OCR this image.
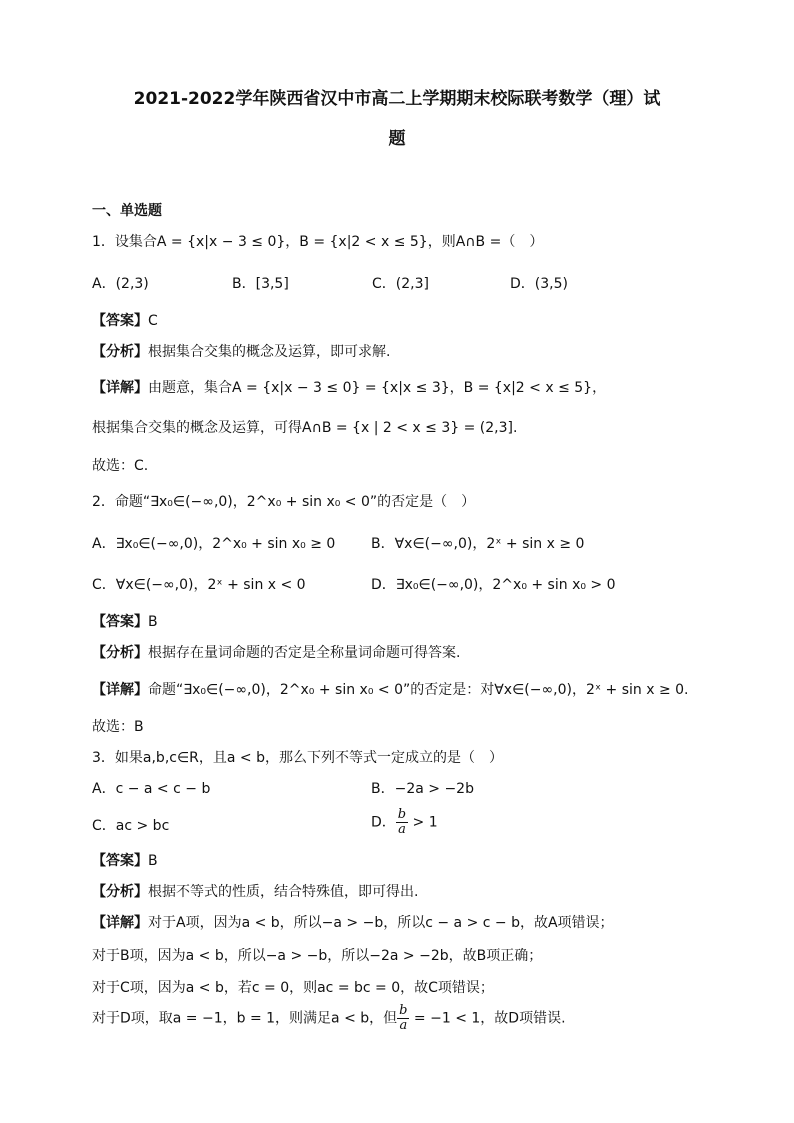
2021-2022学年陕西省汉中市高二上学期期末校际联考数学（理）试
题
一、单选题
1．设集合A = {x|x − 3 ≤ 0}，B = {x|2 < x ≤ 5}，则A∩B =（　）
A．(2,3)	B．[3,5]	C．(2,3]	D．(3,5)
【答案】C
【分析】根据集合交集的概念及运算，即可求解.
【详解】由题意，集合A = {x|x − 3 ≤ 0} = {x|x ≤ 3}，B = {x|2 < x ≤ 5}，
根据集合交集的概念及运算，可得A∩B = {x | 2 < x ≤ 3} = (2,3].
故选：C.
2．命题“∃x₀∈(−∞,0)，2^x₀ + sin x₀ < 0”的否定是（　）
A．∃x₀∈(−∞,0)，2^x₀ + sin x₀ ≥ 0	B．∀x∈(−∞,0)，2ˣ + sin x ≥ 0
C．∀x∈(−∞,0)，2ˣ + sin x < 0	D．∃x₀∈(−∞,0)，2^x₀ + sin x₀ > 0
【答案】B
【分析】根据存在量词命题的否定是全称量词命题可得答案.
【详解】命题“∃x₀∈(−∞,0)，2^x₀ + sin x₀ < 0”的否定是：对∀x∈(−∞,0)，2ˣ + sin x ≥ 0.
故选：B
3．如果a,b,c∈R，且a < b，那么下列不等式一定成立的是（　）
A．c − a < c − b	B．−2a > −2b
C．ac > bc	D． $\frac{b}{a} > 1$
【答案】B
【分析】根据不等式的性质，结合特殊值，即可得出.
【详解】对于A项，因为a < b，所以−a > −b，所以c − a > c − b，故A项错误；
对于B项，因为a < b，所以−a > −b，所以−2a > −2b，故B项正确；
对于C项，因为a < b，若c = 0，则ac = bc = 0，故C项错误；
对于D项，取a = −1，b = 1，则满足a < b，但 $\frac{b}{a} = -1 < 1$，故D项错误.
